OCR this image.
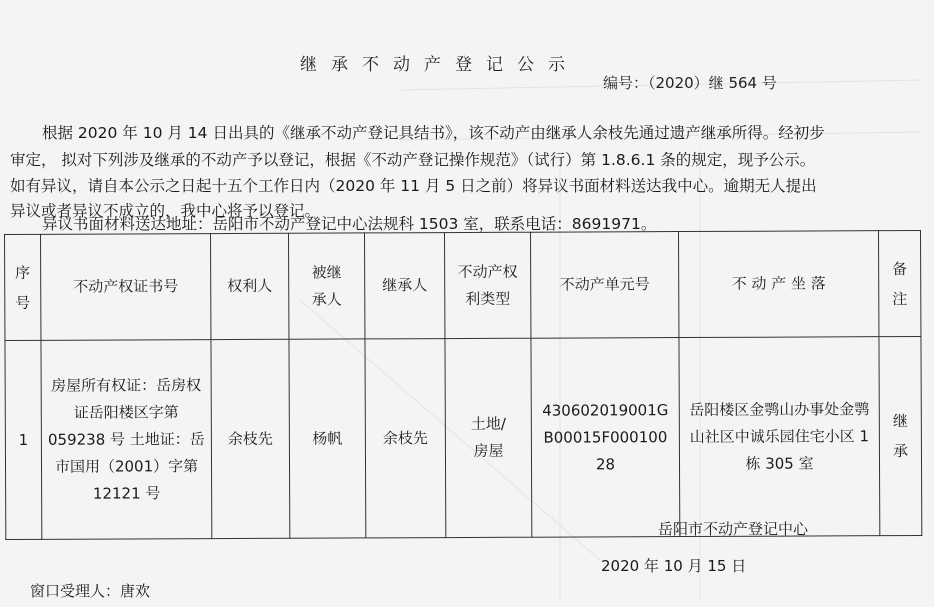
继承不动产登记公示
编号：（2020）继 564 号
根据 2020 年 10 月 14 日出具的《继承不动产登记具结书》，该不动产由继承人余枝先通过遗产继承所得。经初步
审定， 拟对下列涉及继承的不动产予以登记，根据《不动产登记操作规范》（试行）第 1.8.6.1 条的规定，现予公示。
如有异议，请自本公示之日起十五个工作日内（2020 年 11 月 5 日之前）将异议书面材料送达我中心。逾期无人提出
异议或者异议不成立的，我中心将予以登记。
异议书面材料送达地址：岳阳市不动产登记中心法规科 1503 室，联系电话：8691971。
序号	不动产权证书号	权利人	被继承人	继承人	不动产权利类型	不动产单元号	不 动 产 坐 落	备注
1	房屋所有权证：岳房权证岳阳楼区字第 059238 号 土地证：岳市国用（2001）字第 12121 号	余枝先	杨帆	余枝先	土地/房屋	430602019001GB00015F00010028	岳阳楼区金鹗山办事处金鹗山社区中诚乐园住宅小区 1 栋 305 室	继承
岳阳市不动产登记中心
2020 年 10 月 15 日
窗口受理人：唐欢
